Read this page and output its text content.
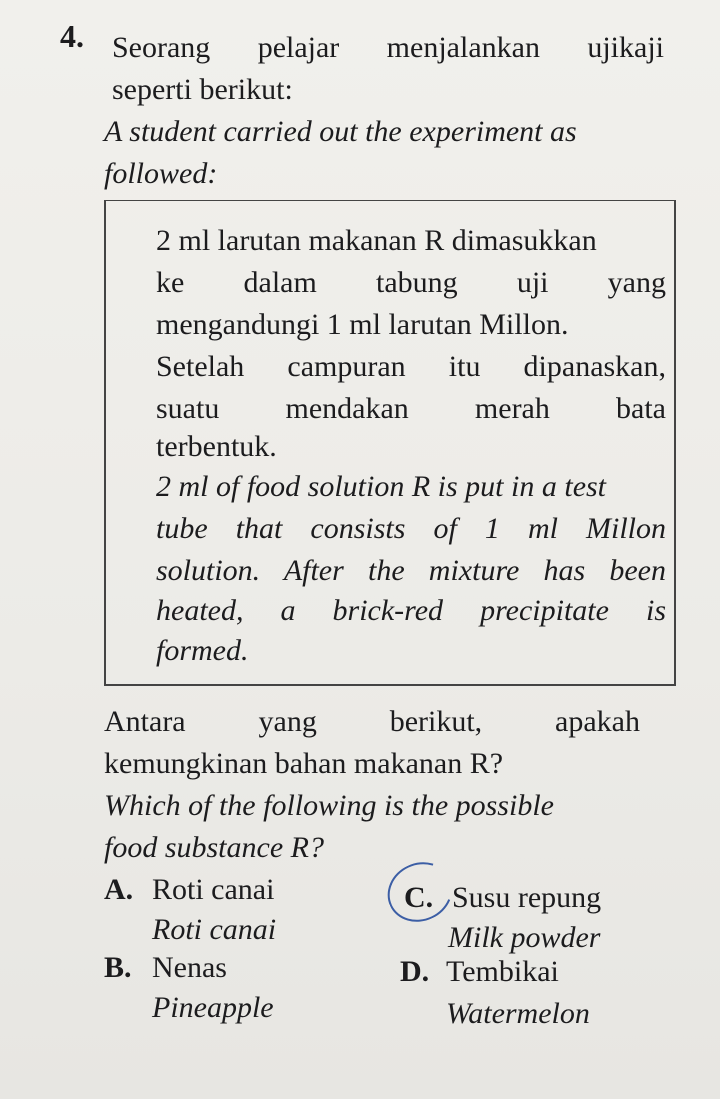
4. Seorang pelajar menjalankan ujikaji
seperti berikut:
A student carried out the experiment as
followed:
2 ml larutan makanan R dimasukkan
ke dalam tabung uji yang
mengandungi 1 ml larutan Millon.
Setelah campuran itu dipanaskan,
suatu mendakan merah bata
terbentuk.
2 ml of food solution R is put in a test
tube that consists of 1 ml Millon
solution. After the mixture has been
heated, a brick-red precipitate is
formed.
Antara yang berikut, apakah
kemungkinan bahan makanan R?
Which of the following is the possible
food substance R?
A. Roti canai
Roti canai
B. Nenas
Pineapple
C. Susu repung
Milk powder
D. Tembikai
Watermelon
